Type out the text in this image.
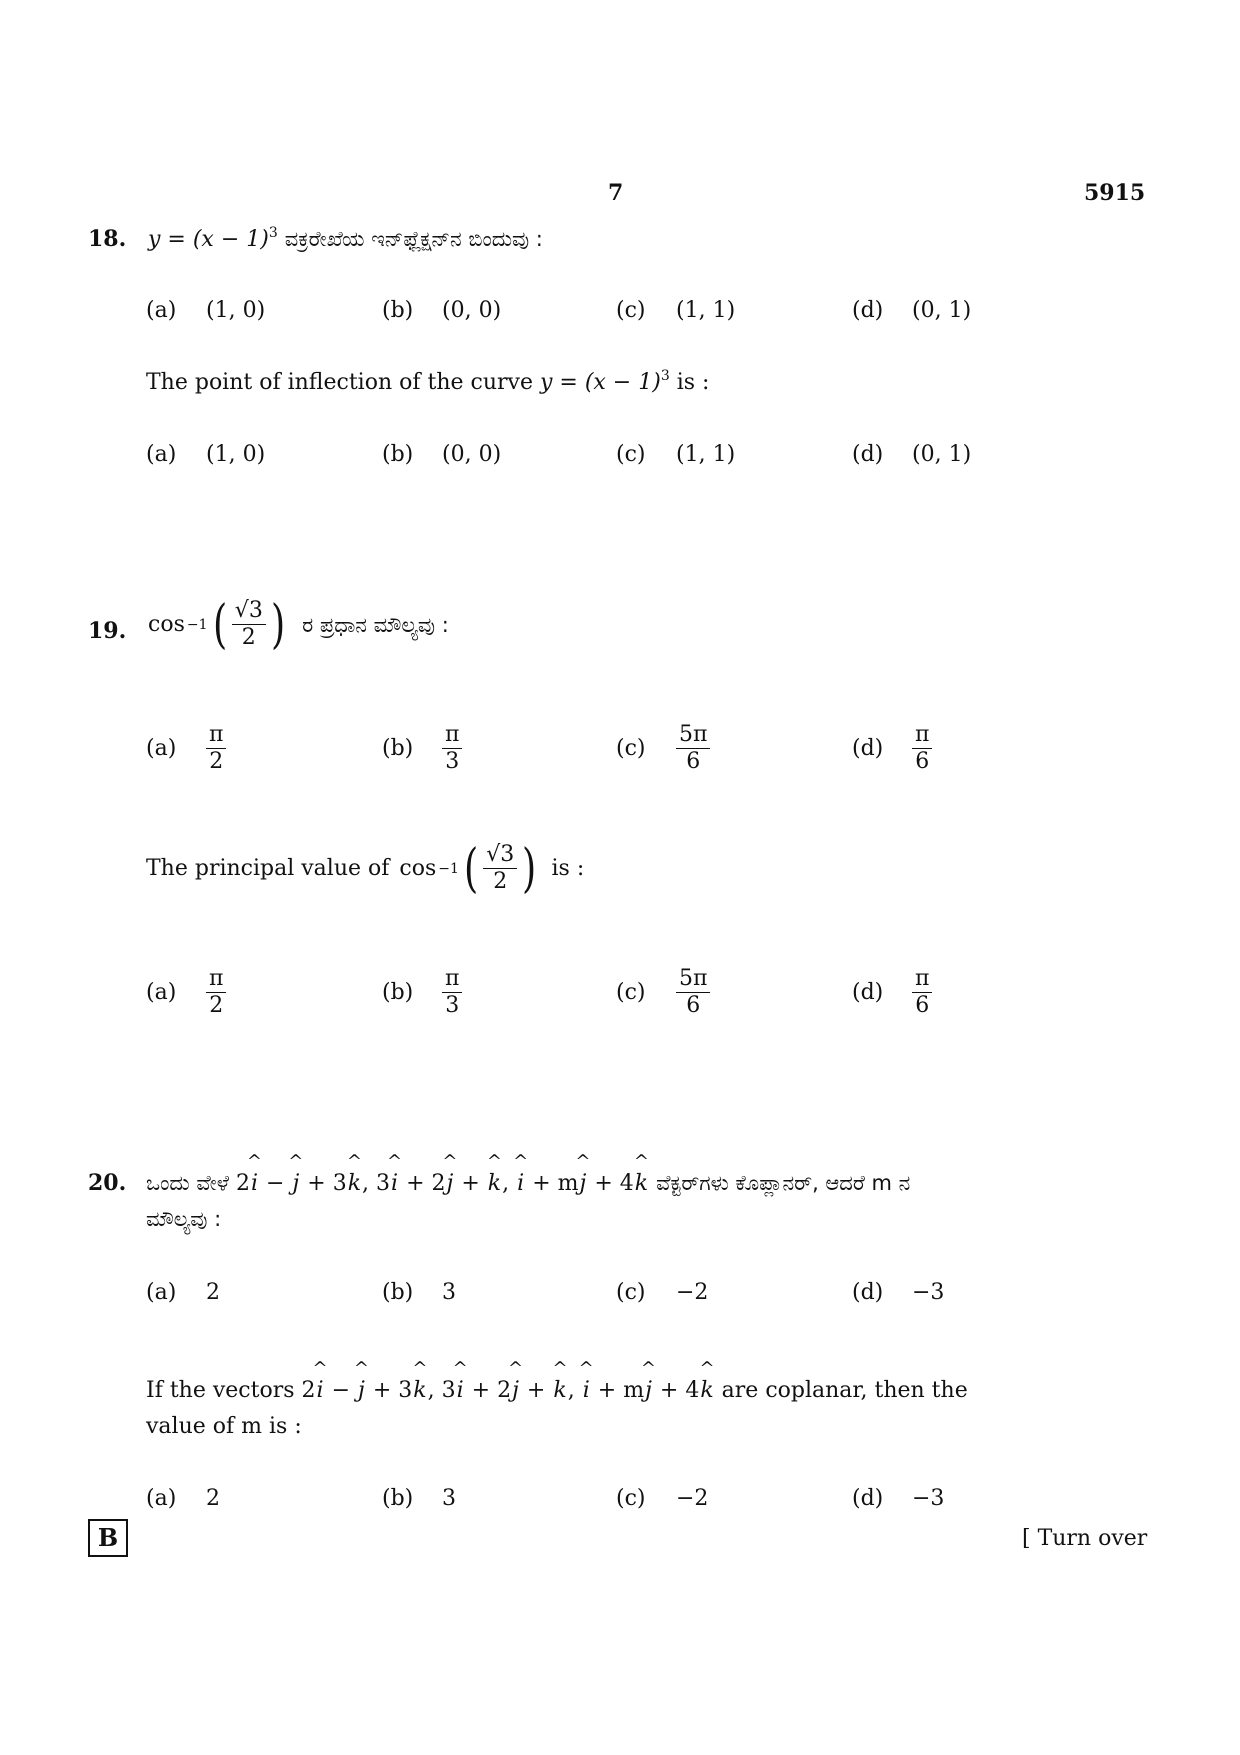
7	5915
18. $y = (x - 1)^3$ ವಕ್ರರೇಖೆಯ ಇನ್‌ಫ್ಲೆಕ್ಷನ್‌ನ ಬಿಂದುವು :
(a) (1, 0)	(b) (0, 0)	(c) (1, 1)	(d) (0, 1)
The point of inflection of the curve $y = (x - 1)^3$ is :
(a) (1, 0)	(b) (0, 0)	(c) (1, 1)	(d) (0, 1)
19. cos −1 ( $\frac{√3}{2}$ ) ರ ಪ್ರಧಾನ ಮೌಲ್ಯವು :
(a)	$\frac{\pi}{2}$	(b)	$\frac{\pi}{3}$	(c)	$\frac{5\pi}{6}$	(d)	$\frac{\pi}{6}$
The principal value of cos −1 ( $\frac{√3}{2}$ ) is :
(a)	$\frac{\pi}{2}$	(b)	$\frac{\pi}{3}$	(c)	$\frac{5\pi}{6}$	(d)	$\frac{\pi}{6}$
20. ಒಂದು ವೇಳೆ 2^ i − ^ j + 3^ k, 3^ i + 2^ j + ^ k, ^ i + m^ j + 4^ k ವೆಕ್ಟರ್‌ಗಳು ಕೊಪ್ಲಾನರ್, ಆದರೆ m ನ
ಮೌಲ್ಯವು :
(a) 2	(b) 3	(c) −2	(d) −3
If the vectors 2^ i − ^ j + 3^ k, 3^ i + 2^ j + ^ k, ^ i + m^ j + 4^ k are coplanar, then the
value of m is :
(a) 2	(b) 3	(c) −2	(d) −3
B	[ Turn over
